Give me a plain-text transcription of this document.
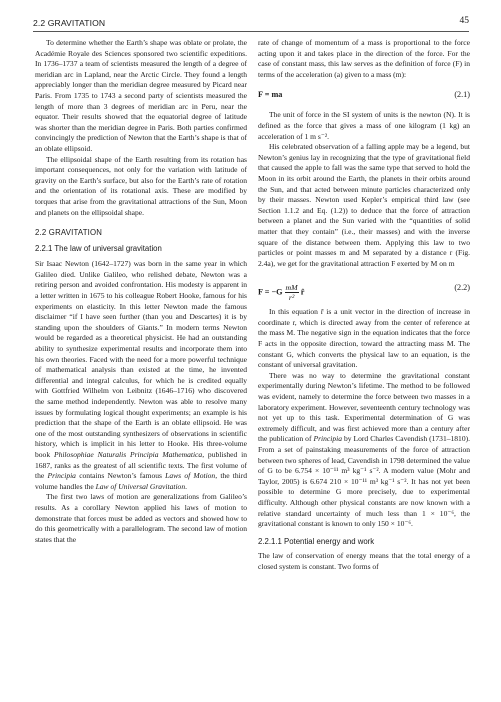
2.2 GRAVITATION	45

To determine whether the Earth’s shape was oblate or prolate, the Académie Royale des Sciences sponsored two scientific expeditions. In 1736–1737 a team of scientists measured the length of a degree of meridian arc in Lapland, near the Arctic Circle. They found a length appreciably longer than the meridian degree measured by Picard near Paris. From 1735 to 1743 a second party of scientists measured the length of more than 3 degrees of meridian arc in Peru, near the equator. Their results showed that the equatorial degree of latitude was shorter than the meridian degree in Paris. Both parties confirmed convincingly the prediction of Newton that the Earth’s shape is that of an oblate ellipsoid.

The ellipsoidal shape of the Earth resulting from its rotation has important consequences, not only for the variation with latitude of gravity on the Earth’s surface, but also for the Earth’s rate of rotation and the orientation of its rotational axis. These are modified by torques that arise from the gravitational attractions of the Sun, Moon and planets on the ellipsoidal shape.

2.2 GRAVITATION
2.2.1 The law of universal gravitation

Sir Isaac Newton (1642–1727) was born in the same year in which Galileo died. Unlike Galileo, who relished debate, Newton was a retiring person and avoided confrontation. His modesty is apparent in a letter written in 1675 to his colleague Robert Hooke, famous for his experiments on elasticity. In this letter Newton made the famous disclaimer “if I have seen further (than you and Descartes) it is by standing upon the shoulders of Giants.” In modern terms Newton would be regarded as a theoretical physicist. He had an outstanding ability to synthesize experimental results and incorporate them into his own theories. Faced with the need for a more powerful technique of mathematical analysis than existed at the time, he invented differential and integral calculus, for which he is credited equally with Gottfried Wilhelm von Leibnitz (1646–1716) who discovered the same method independently. Newton was able to resolve many issues by formulating logical thought experiments; an example is his prediction that the shape of the Earth is an oblate ellipsoid. He was one of the most outstanding synthesizers of observations in scientific history, which is implicit in his letter to Hooke. His three-volume book Philosophiae Naturalis Principia Mathematica, published in 1687, ranks as the greatest of all scientific texts. The first volume of the Principia contains Newton’s famous Laws of Motion, the third volume handles the Law of Universal Gravitation.

The first two laws of motion are generalizations from Galileo’s results. As a corollary Newton applied his laws of motion to demonstrate that forces must be added as vectors and showed how to do this geometrically with a parallelogram. The second law of motion states that the

rate of change of momentum of a mass is proportional to the force acting upon it and takes place in the direction of the force. For the case of constant mass, this law serves as the definition of force (F) in terms of the acceleration (a) given to a mass (m):

F = ma	(2.1)

The unit of force in the SI system of units is the newton (N). It is defined as the force that gives a mass of one kilogram (1 kg) an acceleration of 1 m s⁻².

His celebrated observation of a falling apple may be a legend, but Newton’s genius lay in recognizing that the type of gravitational field that caused the apple to fall was the same type that served to hold the Moon in its orbit around the Earth, the planets in their orbits around the Sun, and that acted between minute particles characterized only by their masses. Newton used Kepler’s empirical third law (see Section 1.1.2 and Eq. (1.2)) to deduce that the force of attraction between a planet and the Sun varied with the “quantities of solid matter that they contain” (i.e., their masses) and with the inverse square of the distance between them. Applying this law to two particles or point masses m and M separated by a distance r (Fig. 2.4a), we get for the gravitational attraction F exerted by M on m

$F = -G \frac{mM}{\text{r²}}$ r̂	(2.2)

In this equation r̂ is a unit vector in the direction of increase in coordinate r, which is directed away from the center of reference at the mass M. The negative sign in the equation indicates that the force F acts in the opposite direction, toward the attracting mass M. The constant G, which converts the physical law to an equation, is the constant of universal gravitation.

There was no way to determine the gravitational constant experimentally during Newton’s lifetime. The method to be followed was evident, namely to determine the force between two masses in a laboratory experiment. However, seventeenth century technology was not yet up to this task. Experimental determination of G was extremely difficult, and was first achieved more than a century after the publication of Principia by Lord Charles Cavendish (1731–1810). From a set of painstaking measurements of the force of attraction between two spheres of lead, Cavendish in 1798 determined the value of G to be 6.754 × 10⁻¹¹ m³ kg⁻¹ s⁻². A modern value (Mohr and Taylor, 2005) is 6.674 210 × 10⁻¹¹ m³ kg⁻¹ s⁻². It has not yet been possible to determine G more precisely, due to experimental difficulty. Although other physical constants are now known with a relative standard uncertainty of much less than 1 × 10⁻⁶, the gravitational constant is known to only 150 × 10⁻⁶.

2.2.1.1 Potential energy and work

The law of conservation of energy means that the total energy of a closed system is constant. Two forms of
